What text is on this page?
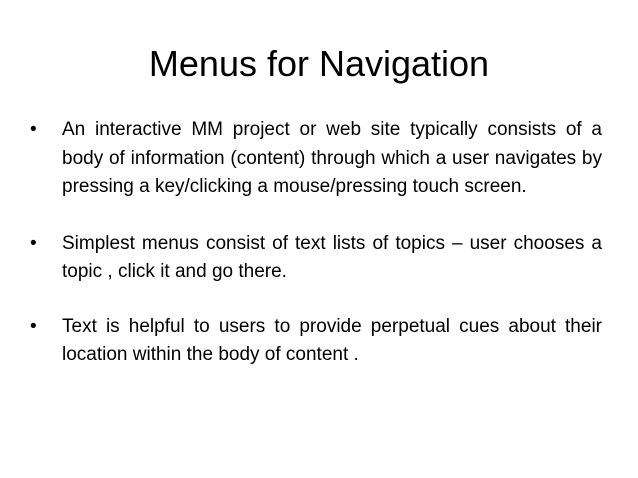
Menus for Navigation
•	An interactive MM project or web site typically consists of a body of information (content) through which a user navigates by pressing a key/clicking a mouse/pressing touch screen.
•	Simplest menus consist of text lists of topics – user chooses a topic , click it and go there.
•	Text is helpful to users to provide perpetual cues about their location within the body of content .
